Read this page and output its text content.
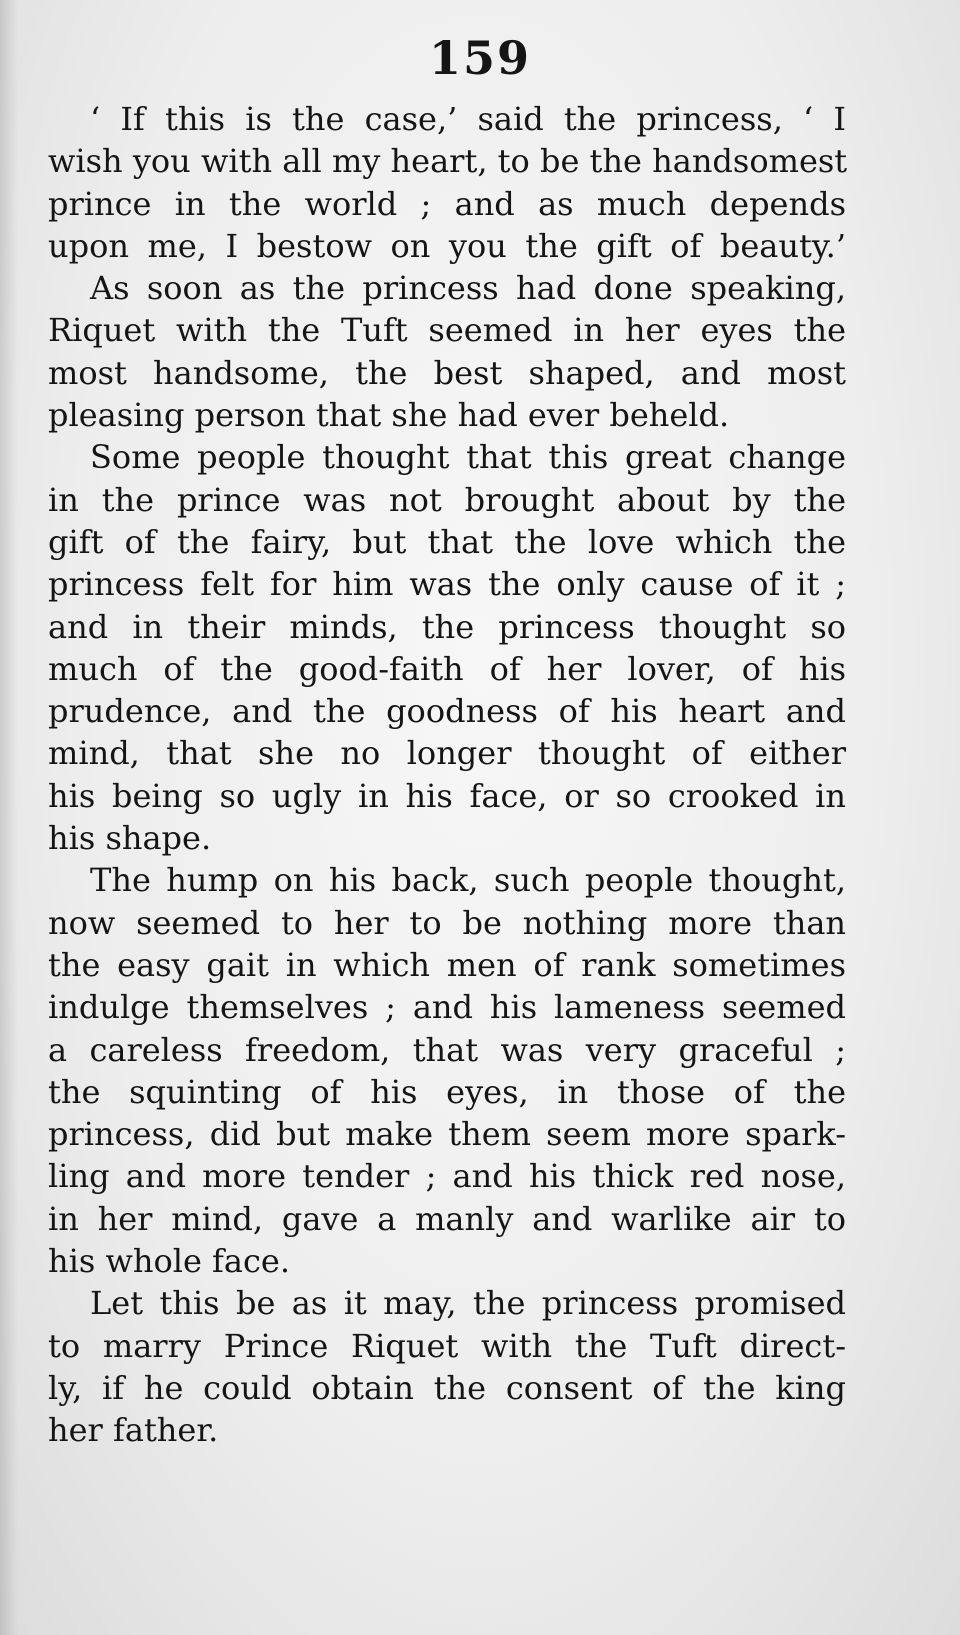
159
‘ If this is the case,’ said the princess, ‘ I
wish you with all my heart, to be the handsomest
prince in the world ; and as much depends
upon me, I bestow on you the gift of beauty.’
As soon as the princess had done speaking,
Riquet with the Tuft seemed in her eyes the
most handsome, the best shaped, and most
pleasing person that she had ever beheld.
Some people thought that this great change
in the prince was not brought about by the
gift of the fairy, but that the love which the
princess felt for him was the only cause of it ;
and in their minds, the princess thought so
much of the good-faith of her lover, of his
prudence, and the goodness of his heart and
mind, that she no longer thought of either
his being so ugly in his face, or so crooked in
his shape.
The hump on his back, such people thought,
now seemed to her to be nothing more than
the easy gait in which men of rank sometimes
indulge themselves ; and his lameness seemed
a careless freedom, that was very graceful ;
the squinting of his eyes, in those of the
princess, did but make them seem more spark-
ling and more tender ; and his thick red nose,
in her mind, gave a manly and warlike air to
his whole face.
Let this be as it may, the princess promised
to marry Prince Riquet with the Tuft direct-
ly, if he could obtain the consent of the king
her father.
